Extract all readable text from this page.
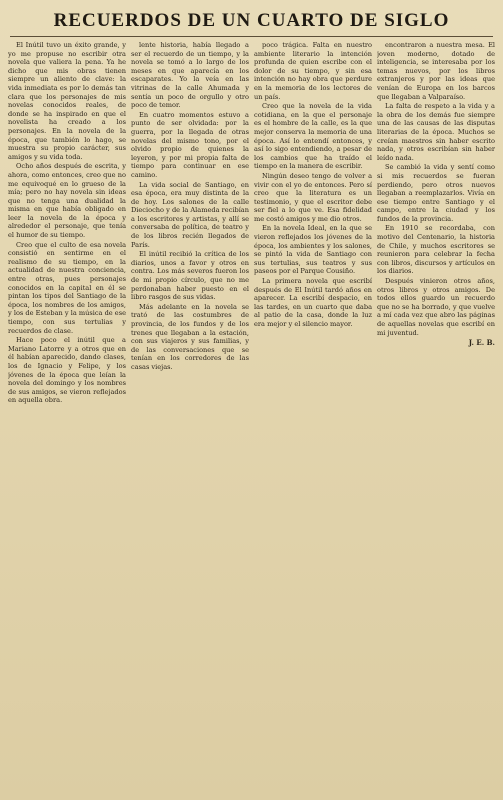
RECUERDOS DE UN CUARTO DE SIGLO

El Inútil tuvo un éxito grande, y yo me propuse no escribir otra novela que valiera la pena. Ya he dicho que mis obras tienen siempre un aliento de clave: la vida inmediata es por lo demás tan clara que los personajes de mis novelas conocidos reales, de donde se ha inspirado en que el novelista ha creado a los personajes. En la novela de la época, que también lo hago, se muestra su propio carácter, sus amigos y su vida toda.

Ocho años después de escrita, y ahora, como entonces, creo que no me equivoqué en lo grueso de la mía; pero no hay novela sin ideas que no tenga una dualidad la misma en que había obligado en leer la novela de la época y alrededor el personaje, que tenía el humor de su tiempo.

Creo que el culto de esa novela consistió en sentirme en el realismo de su tiempo, en la actualidad de nuestra conciencia, entre otras, pues personajes conocidos en la capital en él se pintan los tipos del Santiago de la época, los nombres de los amigos, y los de Esteban y la música de ese tiempo, con sus tertulias y recuerdos de clase.

Hace poco el inútil que a Mariano Latorre y a otros que en él habían aparecido, dando clases, los de Ignacio y Felipe, y los jóvenes de la época que leían la novela del domingo y los nombres de sus amigos, se vieron reflejados en aquella obra.

lente historia, había llegado a ser el recuerdo de un tiempo, y la novela se tomó a lo largo de los meses en que aparecía en los escaparates. Yo la veía en las vitrinas de la calle Ahumada y sentía un poco de orgullo y otro poco de temor.

En cuatro momentos estuvo a punto de ser olvidada: por la guerra, por la llegada de otras novelas del mismo tono, por el olvido propio de quienes la leyeron, y por mi propia falta de tiempo para continuar en ese camino.

La vida social de Santiago, en esa época, era muy distinta de la de hoy. Los salones de la calle Dieciocho y de la Alameda recibían a los escritores y artistas, y allí se conversaba de política, de teatro y de los libros recién llegados de París.

El inútil recibió la crítica de los diarios, unos a favor y otros en contra. Los más severos fueron los de mi propio círculo, que no me perdonaban haber puesto en el libro rasgos de sus vidas.

Más adelante en la novela se trató de las costumbres de provincia, de los fundos y de los trenes que llegaban a la estación, con sus viajeros y sus familias, y de las conversaciones que se tenían en los corredores de las casas viejas.

poco trágica. Falta en nuestro ambiente literario la intención profunda de quien escribe con el dolor de su tiempo, y sin esa intención no hay obra que perdure en la memoria de los lectores de un país.

Creo que la novela de la vida cotidiana, en la que el personaje es el hombre de la calle, es la que mejor conserva la memoria de una época. Así lo entendí entonces, y así lo sigo entendiendo, a pesar de los cambios que ha traído el tiempo en la manera de escribir.

Ningún deseo tengo de volver a vivir con el yo de entonces. Pero sí creo que la literatura es un testimonio, y que el escritor debe ser fiel a lo que ve. Esa fidelidad me costó amigos y me dio otros.

En la novela Ideal, en la que se vieron reflejados los jóvenes de la época, los ambientes y los salones, se pintó la vida de Santiago con sus tertulias, sus teatros y sus paseos por el Parque Cousiño.

La primera novela que escribí después de El Inútil tardó años en aparecer. La escribí despacio, en las tardes, en un cuarto que daba al patio de la casa, donde la luz era mejor y el silencio mayor.

encontraron a nuestra mesa. El joven moderno, dotado de inteligencia, se interesaba por los temas nuevos, por los libros extranjeros y por las ideas que venían de Europa en los barcos que llegaban a Valparaíso.

La falta de respeto a la vida y a la obra de los demás fue siempre una de las causas de las disputas literarias de la época. Muchos se creían maestros sin haber escrito nada, y otros escribían sin haber leído nada.

Se cambió la vida y sentí como si mis recuerdos se fueran perdiendo, pero otros nuevos llegaban a reemplazarlos. Vivía en ese tiempo entre Santiago y el campo, entre la ciudad y los fundos de la provincia.

En 1910 se recordaba, con motivo del Centenario, la historia de Chile, y muchos escritores se reunieron para celebrar la fecha con libros, discursos y artículos en los diarios.

Después vinieron otros años, otros libros y otros amigos. De todos ellos guardo un recuerdo que no se ha borrado, y que vuelve a mí cada vez que abro las páginas de aquellas novelas que escribí en mi juventud.

J. E. B.
